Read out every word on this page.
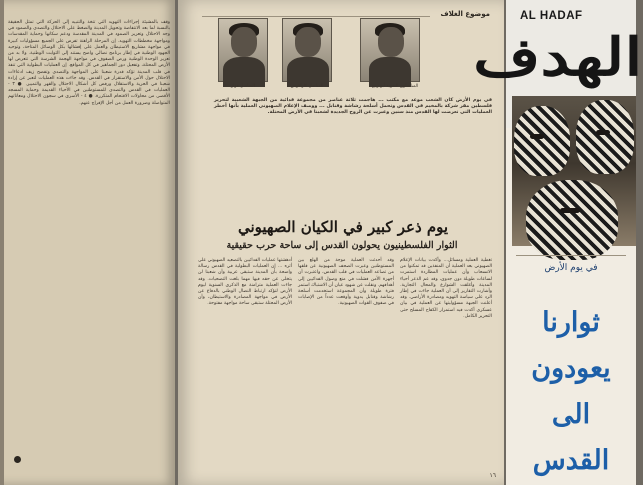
وقف بالمشيئة إجراءات التهويد التي تتخذ والتنبيه إلى الحركة التي تمثل الحقيقة بالنسبة لما بعد الانتفاضة وتحويل المدينة والضغط على الاحتلال والتصدي والصمود في وجه الاحتلال وتعزيز الصمود في المدينة المقدسة ودعم سكانها وحماية المقدسات ومواجهة مخططات التهويد. إن المرحلة الراهنة تفرض على الجميع مسؤوليات كبيرة في مواجهة مشاريع الاستيطان والعمل على إفشالها بكل الوسائل المتاحة، وتوحيد الجهود الوطنية في إطار برنامج نضالي واضح يستند إلى الثوابت الوطنية. ولا بد من تعزيز الوحدة الوطنية ورص الصفوف في مواجهة الهجمة الشرسة التي تتعرض لها الأرض المحتلة، وتفعيل دور الجماهير في كل المواقع. إن العمليات البطولية التي تنفذ في قلب المدينة تؤكد قدرة شعبنا على المواجهة والتصدي وتفضح زيف ادعاءات الاحتلال حول الأمن والاستقرار في القدس. وقد جاءت هذه العمليات لتعبر عن إرادة شعبنا في الحرية والاستقلال ورفض كل أشكال الاحتلال والقهر والتمييز. ● ٣ - العمليات في القدس والتصدي للمستوطنين في الأحياء القديمة وحماية المسجد الأقصى من محاولات الاقتحام المتكررة. ● ٤ - الأسرى في سجون الاحتلال ومعاناتهم المتواصلة وضرورة العمل من أجل الإفراج عنهم.
موضوع الغلاف
المناضل فواز	المناضل كاراكوش	المناضلون الشهيد أبو ربيع
في يوم الأرض كان الشعب موعد مع مكتب ... هاجمت ثلاثة عناصر من مجموعة فدائية من الجبهة الشعبية لتحرير فلسطين مقر شركة بالمخيم في القدس وتحمل أسلحة رشاشة وقنابل ... ووصف الإعلام الصهيوني العملية بأنها أخطر العمليات التي تعرضت لها القدس منذ سنين وعبرت عن الروح الجديدة لشعبنا في الأرض المحتلة.
يوم ذعر كبير في الكيان الصهيوني
الثوار الفلسطينيون يحولون القدس إلى ساحة حرب حقيقية
تغطية العملية ومسائل... وأكدت بيانات الإعلام الصهيوني بعد العملية أن المنفذين قد تمكنوا من الانسحاب وأن عمليات المطاردة استمرت لساعات طويلة دون جدوى، وقد عم الذعر أحياء المدينة وأغلقت الشوارع والمحال التجارية. وأشارت التقارير إلى أن العملية جاءت في إطار الرد على سياسة التهويد ومصادرة الأراضي. وقد أعلنت الجبهة مسؤوليتها عن العملية في بيان عسكري أكدت فيه استمرار الكفاح المسلح حتى التحرير الكامل.
وقد أحدثت العملية موجة من الهلع بين المستوطنين وعبرت الصحف الصهيونية عن قلقها من تصاعد العمليات في قلب القدس، واعتبرت أن أجهزة الأمن فشلت في منع وصول الفدائيين إلى أهدافهم. ونقلت عن شهود عيان أن الاشتباك استمر فترة طويلة وأن المجموعة استخدمت أسلحة رشاشة وقنابل يدوية وأوقعت عدداً من الإصابات في صفوف القوات الصهيونية.
أدهشتها عمليات الفدائيين بالتصعيد الصهيوني على أثره ... إن العمليات البطولية في القدس رسالة واضحة بأن المدينة ستبقى عربية وأن شعبنا لن يتخلى عن حقه فيها مهما بلغت التضحيات. وقد جاءت العملية متزامنة مع الذكرى السنوية ليوم الأرض لتؤكد ارتباط النضال الوطني بالدفاع عن الأرض في مواجهة المصادرة والاستيطان، وأن الأرض المحتلة ستبقى ساحة مواجهة مفتوحة.
١٦
AL HADAF
الهدف
في يوم الأرض
ثوارنا
يعودون
الى القدس
